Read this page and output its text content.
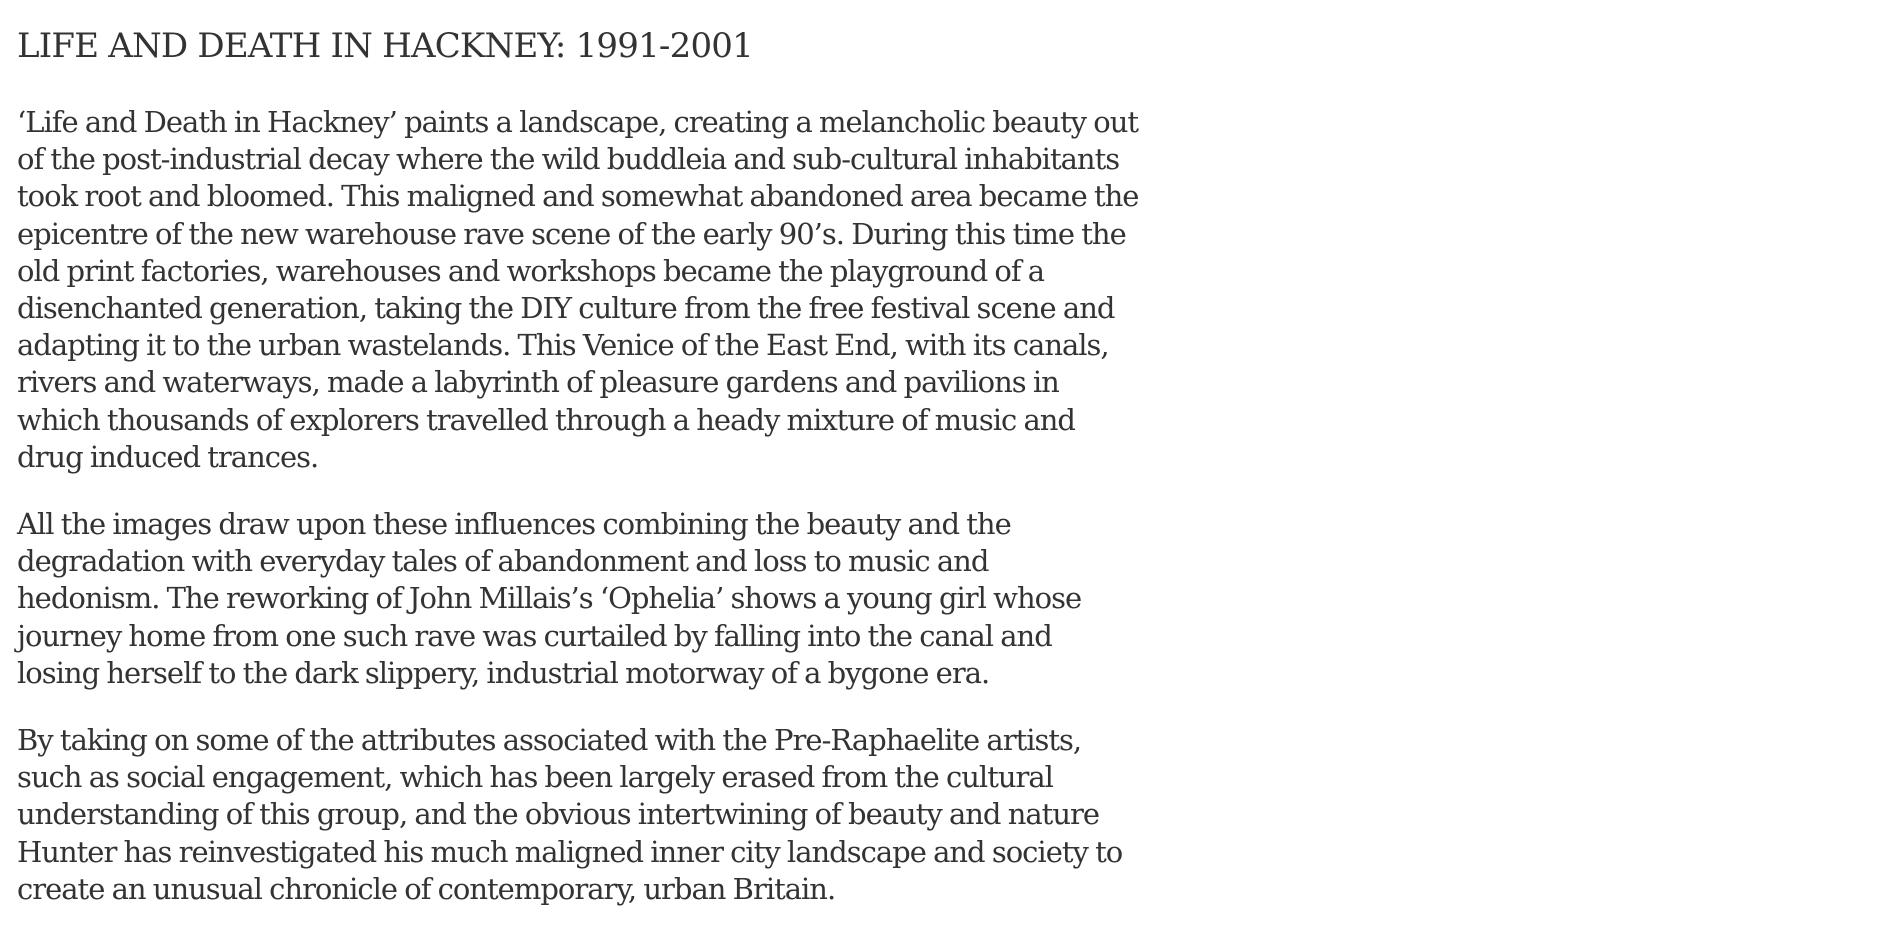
LIFE AND DEATH IN HACKNEY: 1991-2001

‘Life and Death in Hackney’ paints a landscape, creating a melancholic beauty out
of the post-industrial decay where the wild buddleia and sub-cultural inhabitants
took root and bloomed. This maligned and somewhat abandoned area became the
epicentre of the new warehouse rave scene of the early 90’s. During this time the
old print factories, warehouses and workshops became the playground of a
disenchanted generation, taking the DIY culture from the free festival scene and
adapting it to the urban wastelands. This Venice of the East End, with its canals,
rivers and waterways, made a labyrinth of pleasure gardens and pavilions in
which thousands of explorers travelled through a heady mixture of music and
drug induced trances.

All the images draw upon these influences combining the beauty and the
degradation with everyday tales of abandonment and loss to music and
hedonism. The reworking of John Millais’s ‘Ophelia’ shows a young girl whose
journey home from one such rave was curtailed by falling into the canal and
losing herself to the dark slippery, industrial motorway of a bygone era.

By taking on some of the attributes associated with the Pre-Raphaelite artists,
such as social engagement, which has been largely erased from the cultural
understanding of this group, and the obvious intertwining of beauty and nature
Hunter has reinvestigated his much maligned inner city landscape and society to
create an unusual chronicle of contemporary, urban Britain.
